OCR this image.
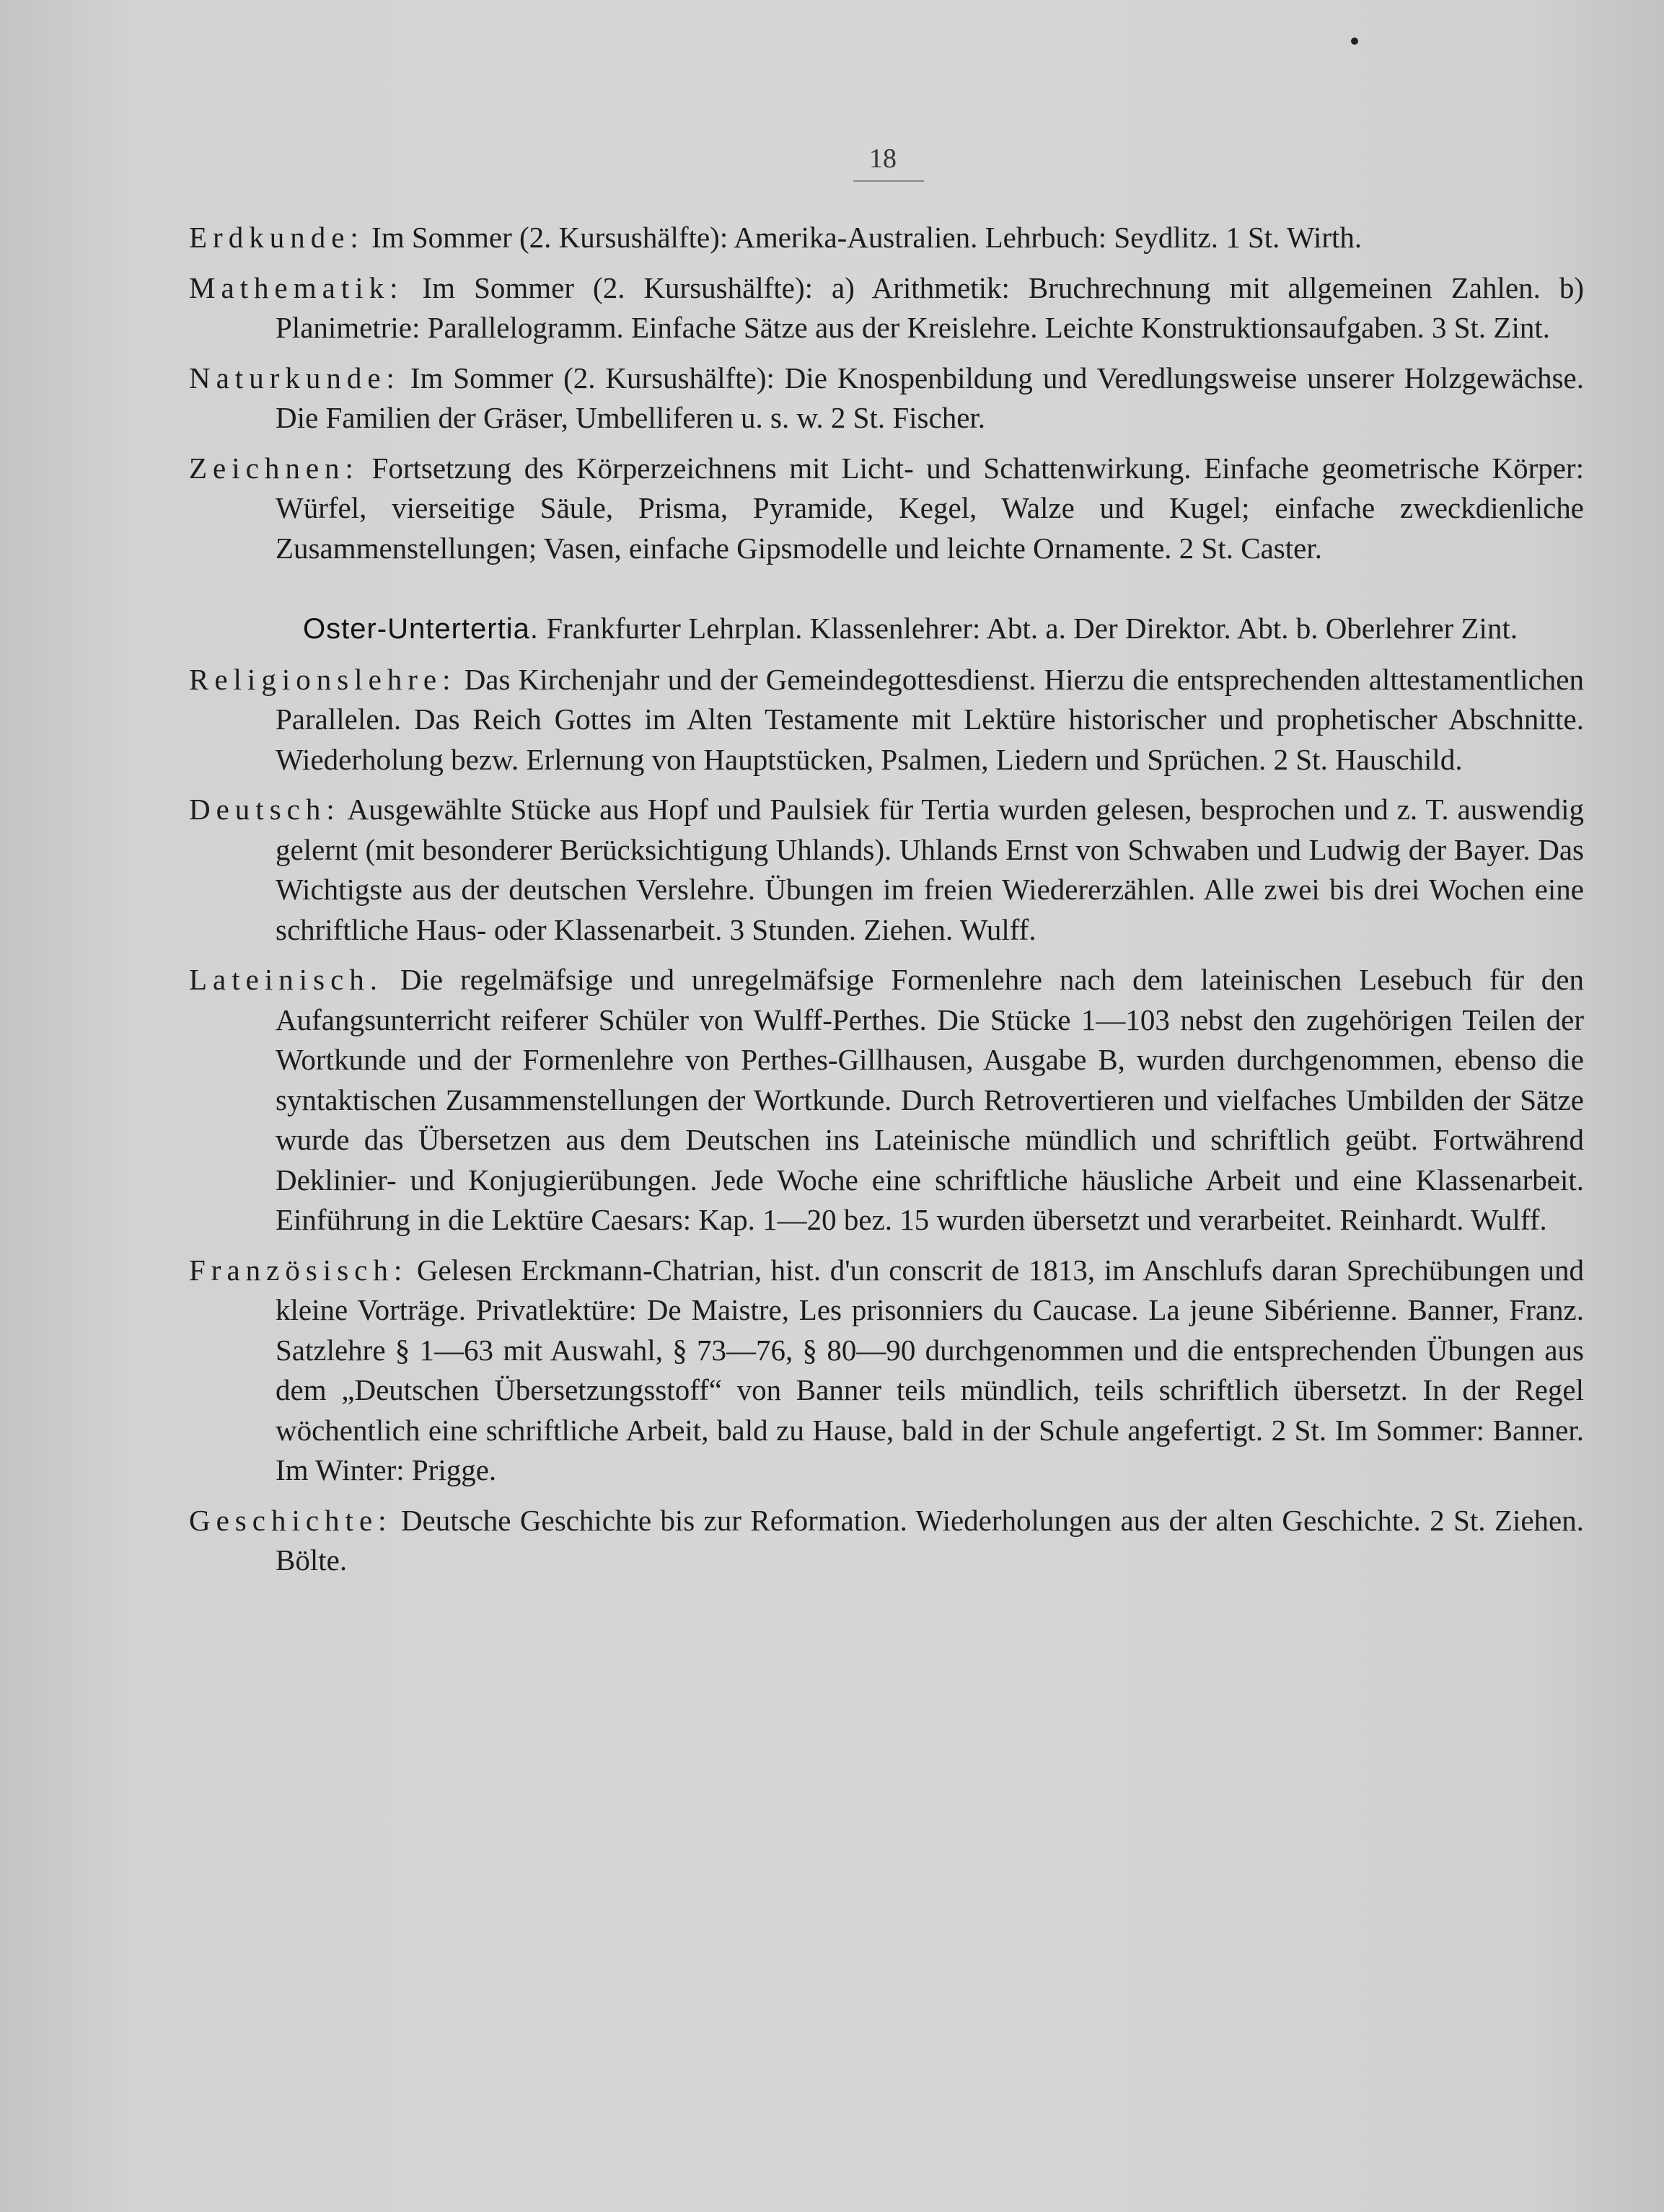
18
Erdkunde: Im Sommer (2. Kursushälfte): Amerika-Australien. Lehrbuch: Seydlitz. 1 St. Wirth.
Mathematik: Im Sommer (2. Kursushälfte): a) Arithmetik: Bruchrechnung mit allgemeinen Zahlen. b) Planimetrie: Parallelogramm. Einfache Sätze aus der Kreislehre. Leichte Konstruktionsaufgaben. 3 St. Zint.
Naturkunde: Im Sommer (2. Kursushälfte): Die Knospenbildung und Veredlungsweise unserer Holzgewächse. Die Familien der Gräser, Umbelliferen u. s. w. 2 St. Fischer.
Zeichnen: Fortsetzung des Körperzeichnens mit Licht- und Schattenwirkung. Einfache geometrische Körper: Würfel, vierseitige Säule, Prisma, Pyramide, Kegel, Walze und Kugel; einfache zweckdienliche Zusammenstellungen; Vasen, einfache Gipsmodelle und leichte Ornamente. 2 St. Caster.
Oster-Untertertia. Frankfurter Lehrplan. Klassenlehrer: Abt. a. Der Direktor. Abt. b. Oberlehrer Zint.
Religionslehre: Das Kirchenjahr und der Gemeindegottesdienst. Hierzu die entsprechenden alttestamentlichen Parallelen. Das Reich Gottes im Alten Testamente mit Lektüre historischer und prophetischer Abschnitte. Wiederholung bezw. Erlernung von Hauptstücken, Psalmen, Liedern und Sprüchen. 2 St. Hauschild.
Deutsch: Ausgewählte Stücke aus Hopf und Paulsiek für Tertia wurden gelesen, besprochen und z. T. auswendig gelernt (mit besonderer Berücksichtigung Uhlands). Uhlands Ernst von Schwaben und Ludwig der Bayer. Das Wichtigste aus der deutschen Verslehre. Übungen im freien Wiedererzählen. Alle zwei bis drei Wochen eine schriftliche Haus- oder Klassenarbeit. 3 Stunden. Ziehen. Wulff.
Lateinisch. Die regelmäfsige und unregelmäfsige Formenlehre nach dem lateinischen Lesebuch für den Aufangsunterricht reiferer Schüler von Wulff-Perthes. Die Stücke 1—103 nebst den zugehörigen Teilen der Wortkunde und der Formenlehre von Perthes-Gillhausen, Ausgabe B, wurden durchgenommen, ebenso die syntaktischen Zusammenstellungen der Wortkunde. Durch Retrovertieren und vielfaches Umbilden der Sätze wurde das Übersetzen aus dem Deutschen ins Lateinische mündlich und schriftlich geübt. Fortwährend Deklinier- und Konjugierübungen. Jede Woche eine schriftliche häusliche Arbeit und eine Klassenarbeit. Einführung in die Lektüre Caesars: Kap. 1—20 bez. 15 wurden übersetzt und verarbeitet. Reinhardt. Wulff.
Französisch: Gelesen Erckmann-Chatrian, hist. d'un conscrit de 1813, im Anschlufs daran Sprechübungen und kleine Vorträge. Privatlektüre: De Maistre, Les prisonniers du Caucase. La jeune Sibérienne. Banner, Franz. Satzlehre § 1—63 mit Auswahl, § 73—76, § 80—90 durchgenommen und die entsprechenden Übungen aus dem „Deutschen Übersetzungsstoff“ von Banner teils mündlich, teils schriftlich übersetzt. In der Regel wöchentlich eine schriftliche Arbeit, bald zu Hause, bald in der Schule angefertigt. 2 St. Im Sommer: Banner. Im Winter: Prigge.
Geschichte: Deutsche Geschichte bis zur Reformation. Wiederholungen aus der alten Geschichte. 2 St. Ziehen. Bölte.
